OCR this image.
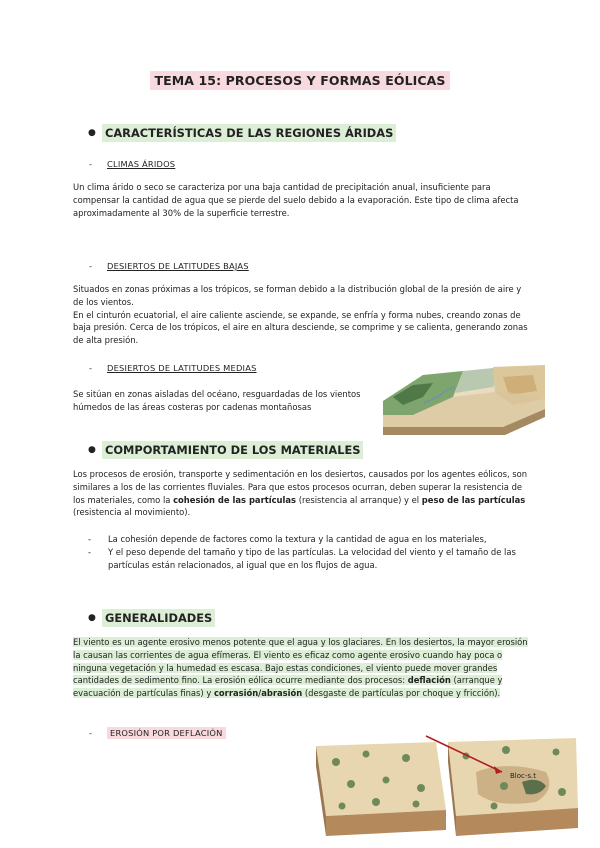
TEMA 15: PROCESOS Y FORMAS EÓLICAS
● CARACTERÍSTICAS DE LAS REGIONES ÁRIDAS
-	CLIMAS ÁRIDOS
Un clima árido o seco se caracteriza por una baja cantidad de precipitación anual, insuficiente para compensar la cantidad de agua que se pierde del suelo debido a la evaporación. Este tipo de clima afecta aproximadamente al 30% de la superficie terrestre.
-	DESIERTOS DE LATITUDES BAJAS
Situados en zonas próximas a los trópicos, se forman debido a la distribución global de la presión de aire y de los vientos.
En el cinturón ecuatorial, el aire caliente asciende, se expande, se enfría y forma nubes, creando zonas de baja presión. Cerca de los trópicos, el aire en altura desciende, se comprime y se calienta, generando zonas de alta presión.
-	DESIERTOS DE LATITUDES MEDIAS
Se sitúan en zonas aisladas del océano, resguardadas de los vientos húmedos de las áreas costeras por cadenas montañosas
● COMPORTAMIENTO DE LOS MATERIALES
Los procesos de erosión, transporte y sedimentación en los desiertos, causados por los agentes eólicos, son similares a los de las corrientes fluviales. Para que estos procesos ocurran, deben superar la resistencia de los materiales, como la cohesión de las partículas (resistencia al arranque) y el peso de las partículas (resistencia al movimiento).
- La cohesión depende de factores como la textura y la cantidad de agua en los materiales,
- Y el peso depende del tamaño y tipo de las partículas. La velocidad del viento y el tamaño de las partículas están relacionados, al igual que en los flujos de agua.
● GENERALIDADES
El viento es un agente erosivo menos potente que el agua y los glaciares. En los desiertos, la mayor erosión la causan las corrientes de agua efímeras. El viento es eficaz como agente erosivo cuando hay poca o ninguna vegetación y la humedad es escasa. Bajo estas condiciones, el viento puede mover grandes cantidades de sedimento fino. La erosión eólica ocurre mediante dos procesos: deflación (arranque y evacuación de partículas finas) y corrasión/abrasión (desgaste de partículas por choque y fricción).
-	EROSIÓN POR DEFLACIÓN
Bloc-s.t
